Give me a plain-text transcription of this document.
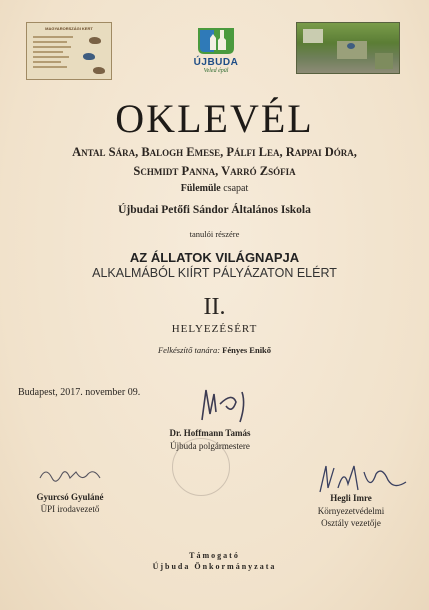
MAGYARORSZÁGI KERT
ÚJBUDA
Veled épül
OKLEVÉL
Antal Sára, Balogh Emese, Pálfi Lea, Rappai Dóra,
Schmidt Panna, Varró Zsófia
Fülemüle csapat
Újbudai Petőfi Sándor Általános Iskola
tanulói részére
AZ ÁLLATOK VILÁGNAPJA
ALKALMÁBÓL KIÍRT PÁLYÁZATON ELÉRT
II.
HELYEZÉSÉRT
Felkészítő tanára: Fényes Enikő
Budapest, 2017. november 09.
Dr. Hoffmann Tamás
Újbuda polgármestere
Gyurcsó Gyuláné
ÜPI irodavezető
Hegli Imre
Környezetvédelmi
Osztály vezetője
Támogató
Újbuda Önkormányzata
